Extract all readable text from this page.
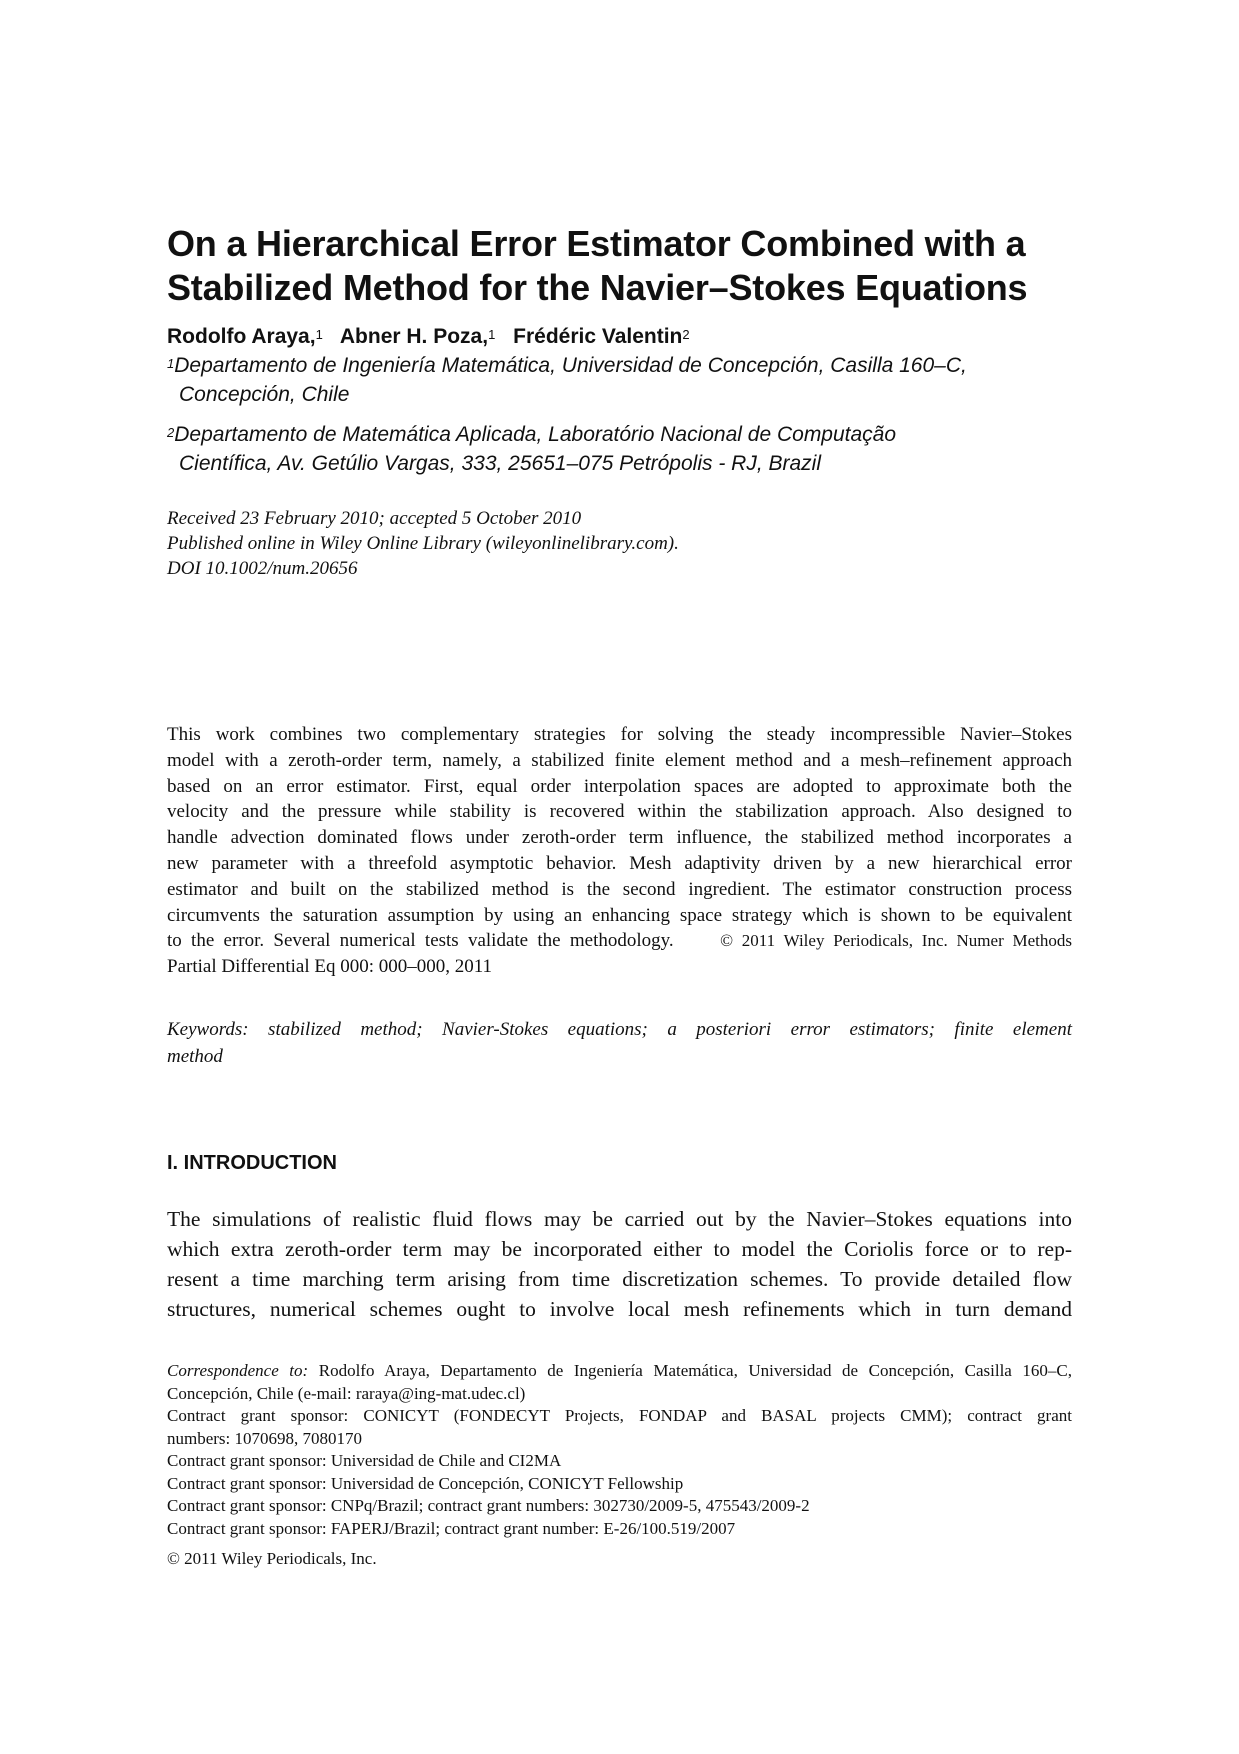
On a Hierarchical Error Estimator Combined with a
Stabilized Method for the Navier–Stokes Equations
Rodolfo Araya,$^1$ Abner H. Poza,$^1$ Frédéric Valentin$^2$
$^1$Departamento de Ingeniería Matemática, Universidad de Concepción, Casilla 160–C,
Concepción, Chile
$^2$Departamento de Matemática Aplicada, Laboratório Nacional de Computação
Científica, Av. Getúlio Vargas, 333, 25651–075 Petrópolis - RJ, Brazil
Received 23 February 2010; accepted 5 October 2010
Published online in Wiley Online Library (wileyonlinelibrary.com).
DOI 10.1002/num.20656
This work combines two complementary strategies for solving the steady incompressible Navier–Stokes
model with a zeroth-order term, namely, a stabilized finite element method and a mesh–refinement approach
based on an error estimator. First, equal order interpolation spaces are adopted to approximate both the
velocity and the pressure while stability is recovered within the stabilization approach. Also designed to
handle advection dominated flows under zeroth-order term influence, the stabilized method incorporates a
new parameter with a threefold asymptotic behavior. Mesh adaptivity driven by a new hierarchical error
estimator and built on the stabilized method is the second ingredient. The estimator construction process
circumvents the saturation assumption by using an enhancing space strategy which is shown to be equivalent
to the error. Several numerical tests validate the methodology.	© 2011 Wiley Periodicals, Inc. Numer Methods
Partial Differential Eq 000: 000–000, 2011
Keywords: stabilized method; Navier-Stokes equations; a posteriori error estimators; finite element
method
I. INTRODUCTION
The simulations of realistic fluid flows may be carried out by the Navier–Stokes equations into
which extra zeroth-order term may be incorporated either to model the Coriolis force or to rep-
resent a time marching term arising from time discretization schemes. To provide detailed flow
structures, numerical schemes ought to involve local mesh refinements which in turn demand
Correspondence to: Rodolfo Araya, Departamento de Ingeniería Matemática, Universidad de Concepción, Casilla 160–C,
Concepción, Chile (e-mail: raraya@ing-mat.udec.cl)
Contract grant sponsor: CONICYT (FONDECYT Projects, FONDAP and BASAL projects CMM); contract grant
numbers: 1070698, 7080170
Contract grant sponsor: Universidad de Chile and CI2MA
Contract grant sponsor: Universidad de Concepción, CONICYT Fellowship
Contract grant sponsor: CNPq/Brazil; contract grant numbers: 302730/2009-5, 475543/2009-2
Contract grant sponsor: FAPERJ/Brazil; contract grant number: E-26/100.519/2007
© 2011 Wiley Periodicals, Inc.
